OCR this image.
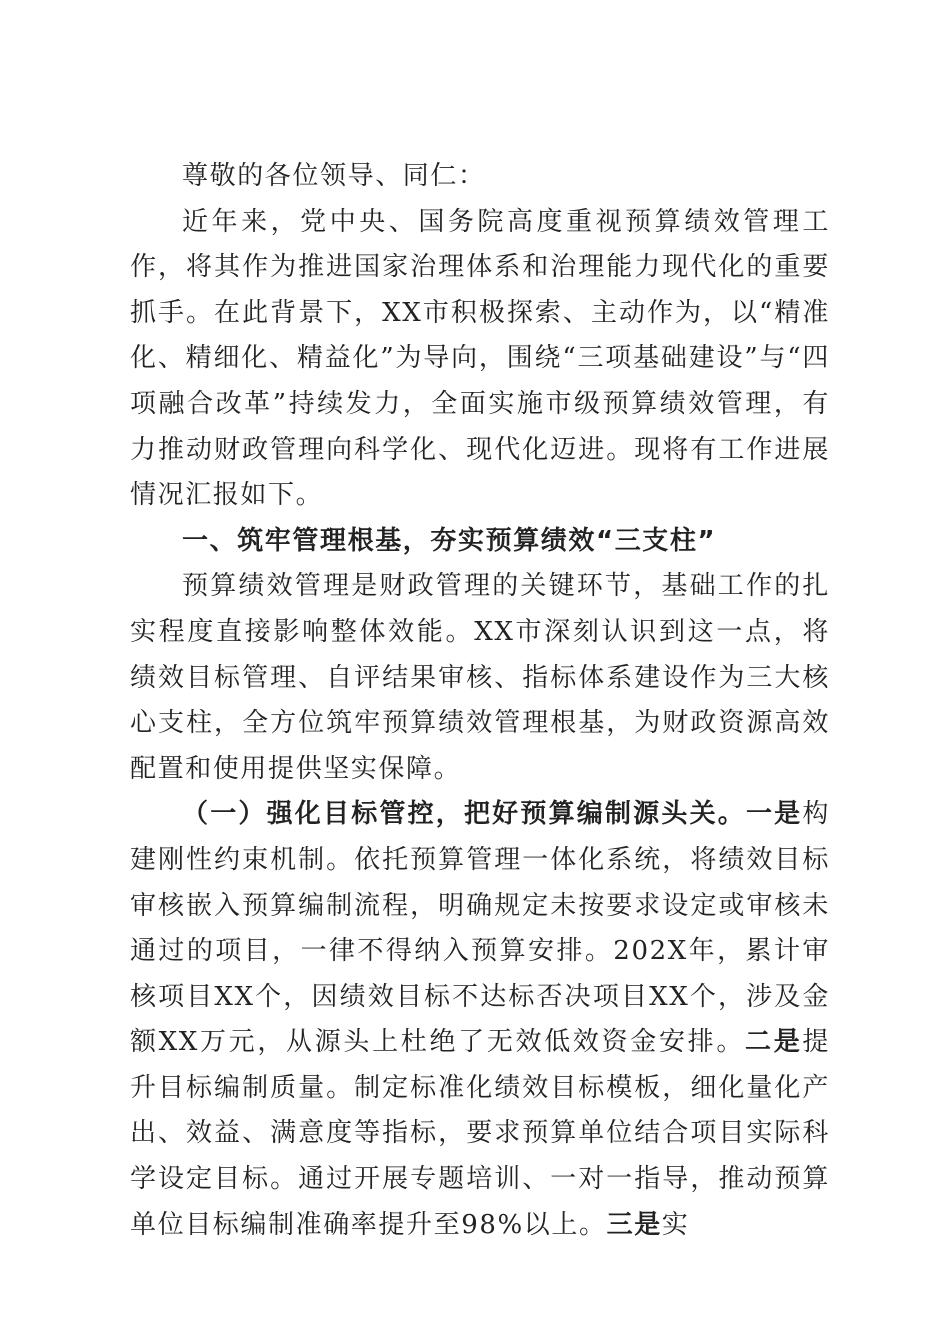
尊敬的各位领导、同仁：

近年来，党中央、国务院高度重视预算绩效管理工作，将其作为推进国家治理体系和治理能力现代化的重要抓手。在此背景下，XX市积极探索、主动作为，以“精准化、精细化、精益化”为导向，围绕“三项基础建设”与“四项融合改革”持续发力，全面实施市级预算绩效管理，有力推动财政管理向科学化、现代化迈进。现将有工作进展情况汇报如下。

一、筑牢管理根基，夯实预算绩效“三支柱”

预算绩效管理是财政管理的关键环节，基础工作的扎实程度直接影响整体效能。XX市深刻认识到这一点，将绩效目标管理、自评结果审核、指标体系建设作为三大核心支柱，全方位筑牢预算绩效管理根基，为财政资源高效配置和使用提供坚实保障。

（一）强化目标管控，把好预算编制源头关。一是构建刚性约束机制。依托预算管理一体化系统，将绩效目标审核嵌入预算编制流程，明确规定未按要求设定或审核未通过的项目，一律不得纳入预算安排。202X年，累计审核项目XX个，因绩效目标不达标否决项目XX个，涉及金额XX万元，从源头上杜绝了无效低效资金安排。二是提升目标编制质量。制定标准化绩效目标模板，细化量化产出、效益、满意度等指标，要求预算单位结合项目实际科学设定目标。通过开展专题培训、一对一指导，推动预算单位目标编制准确率提升至98%以上。三是实
